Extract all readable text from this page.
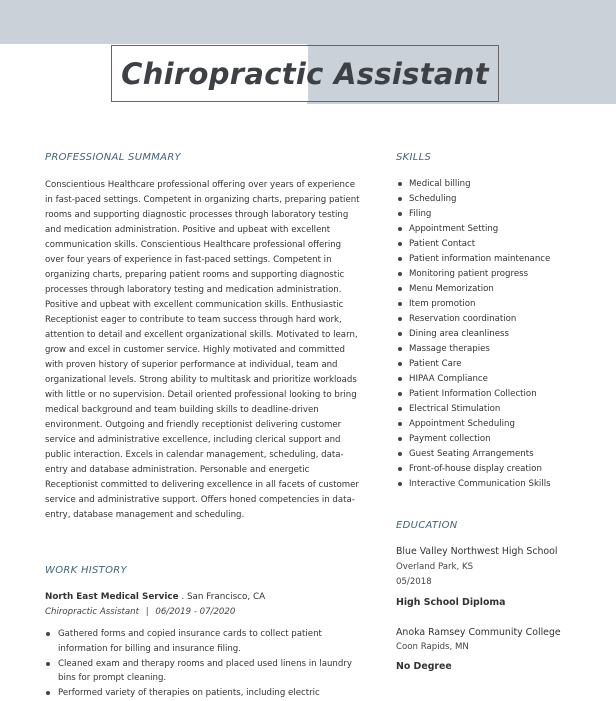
Chiropractic Assistant
PROFESSIONAL SUMMARY
Conscientious Healthcare professional offering over years of experience in fast-paced settings. Competent in organizing charts, preparing patient rooms and supporting diagnostic processes through laboratory testing and medication administration. Positive and upbeat with excellent communication skills. Conscientious Healthcare professional offering over four years of experience in fast-paced settings. Competent in organizing charts, preparing patient rooms and supporting diagnostic processes through laboratory testing and medication administration. Positive and upbeat with excellent communication skills. Enthusiastic Receptionist eager to contribute to team success through hard work, attention to detail and excellent organizational skills. Motivated to learn, grow and excel in customer service. Highly motivated and committed with proven history of superior performance at individual, team and organizational levels. Strong ability to multitask and prioritize workloads with little or no supervision. Detail oriented professional looking to bring medical background and team building skills to deadline-driven environment. Outgoing and friendly receptionist delivering customer service and administrative excellence, including clerical support and public interaction. Excels in calendar management, scheduling, data-entry and database administration. Personable and energetic Receptionist committed to delivering excellence in all facets of customer service and administrative support. Offers honed competencies in data-entry, database management and scheduling.
SKILLS
Medical billing
Scheduling
Filing
Appointment Setting
Patient Contact
Patient information maintenance
Monitoring patient progress
Menu Memorization
Item promotion
Reservation coordination
Dining area cleanliness
Massage therapies
Patient Care
HIPAA Compliance
Patient Information Collection
Electrical Stimulation
Appointment Scheduling
Payment collection
Guest Seating Arrangements
Front-of-house display creation
Interactive Communication Skills
WORK HISTORY
North East Medical Service . San Francisco, CA
Chiropractic Assistant | 06/2019 - 07/2020
Gathered forms and copied insurance cards to collect patient information for billing and insurance filing.
Cleaned exam and therapy rooms and placed used linens in laundry bins for prompt cleaning.
Performed variety of therapies on patients, including electric
EDUCATION
Blue Valley Northwest High School
Overland Park, KS
05/2018
High School Diploma
Anoka Ramsey Community College
Coon Rapids, MN
No Degree
